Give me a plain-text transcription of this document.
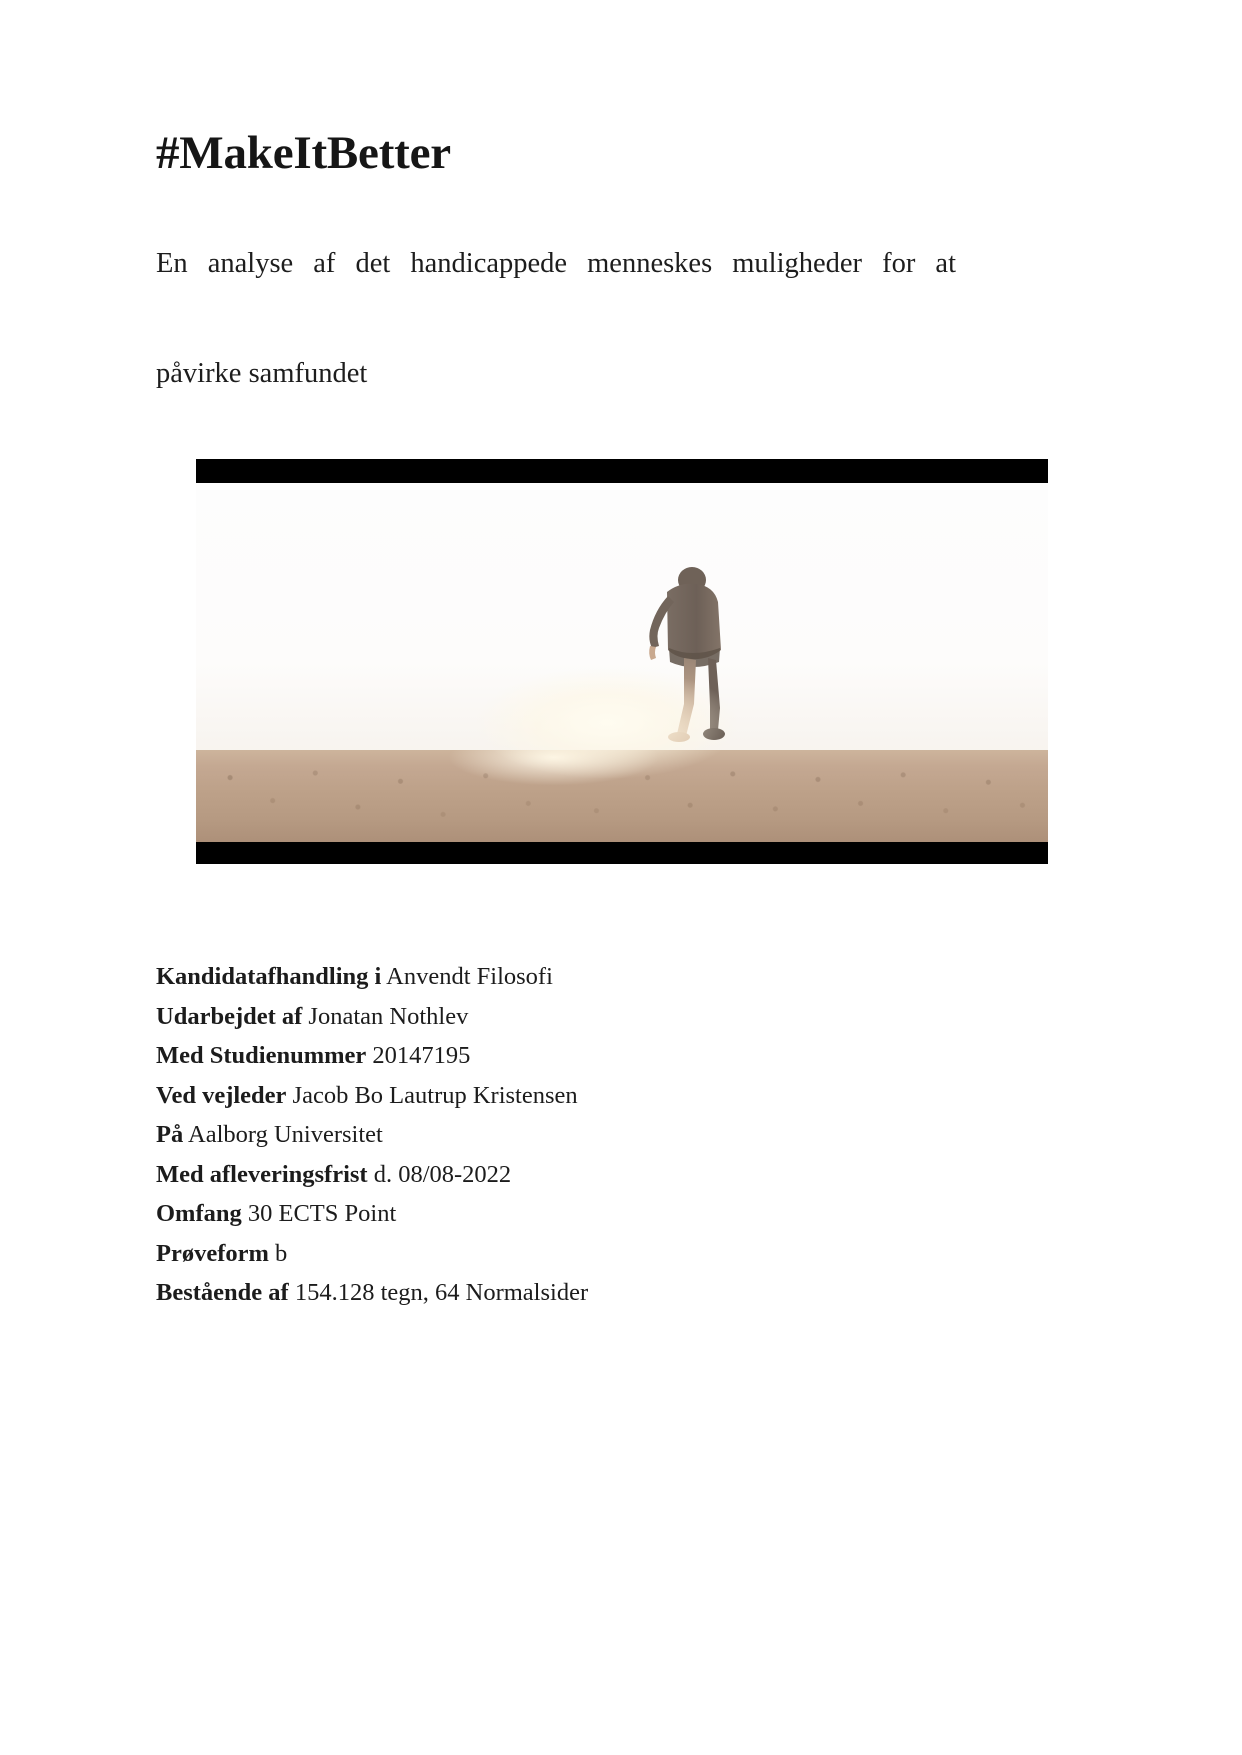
#MakeItBetter

En analyse af det handicappede menneskes muligheder for at
påvirke samfundet

Kandidatafhandling i Anvendt Filosofi
Udarbejdet af Jonatan Nothlev
Med Studienummer 20147195
Ved vejleder Jacob Bo Lautrup Kristensen
På Aalborg Universitet
Med afleveringsfrist d. 08/08-2022
Omfang 30 ECTS Point
Prøveform b
Bestående af 154.128 tegn, 64 Normalsider
